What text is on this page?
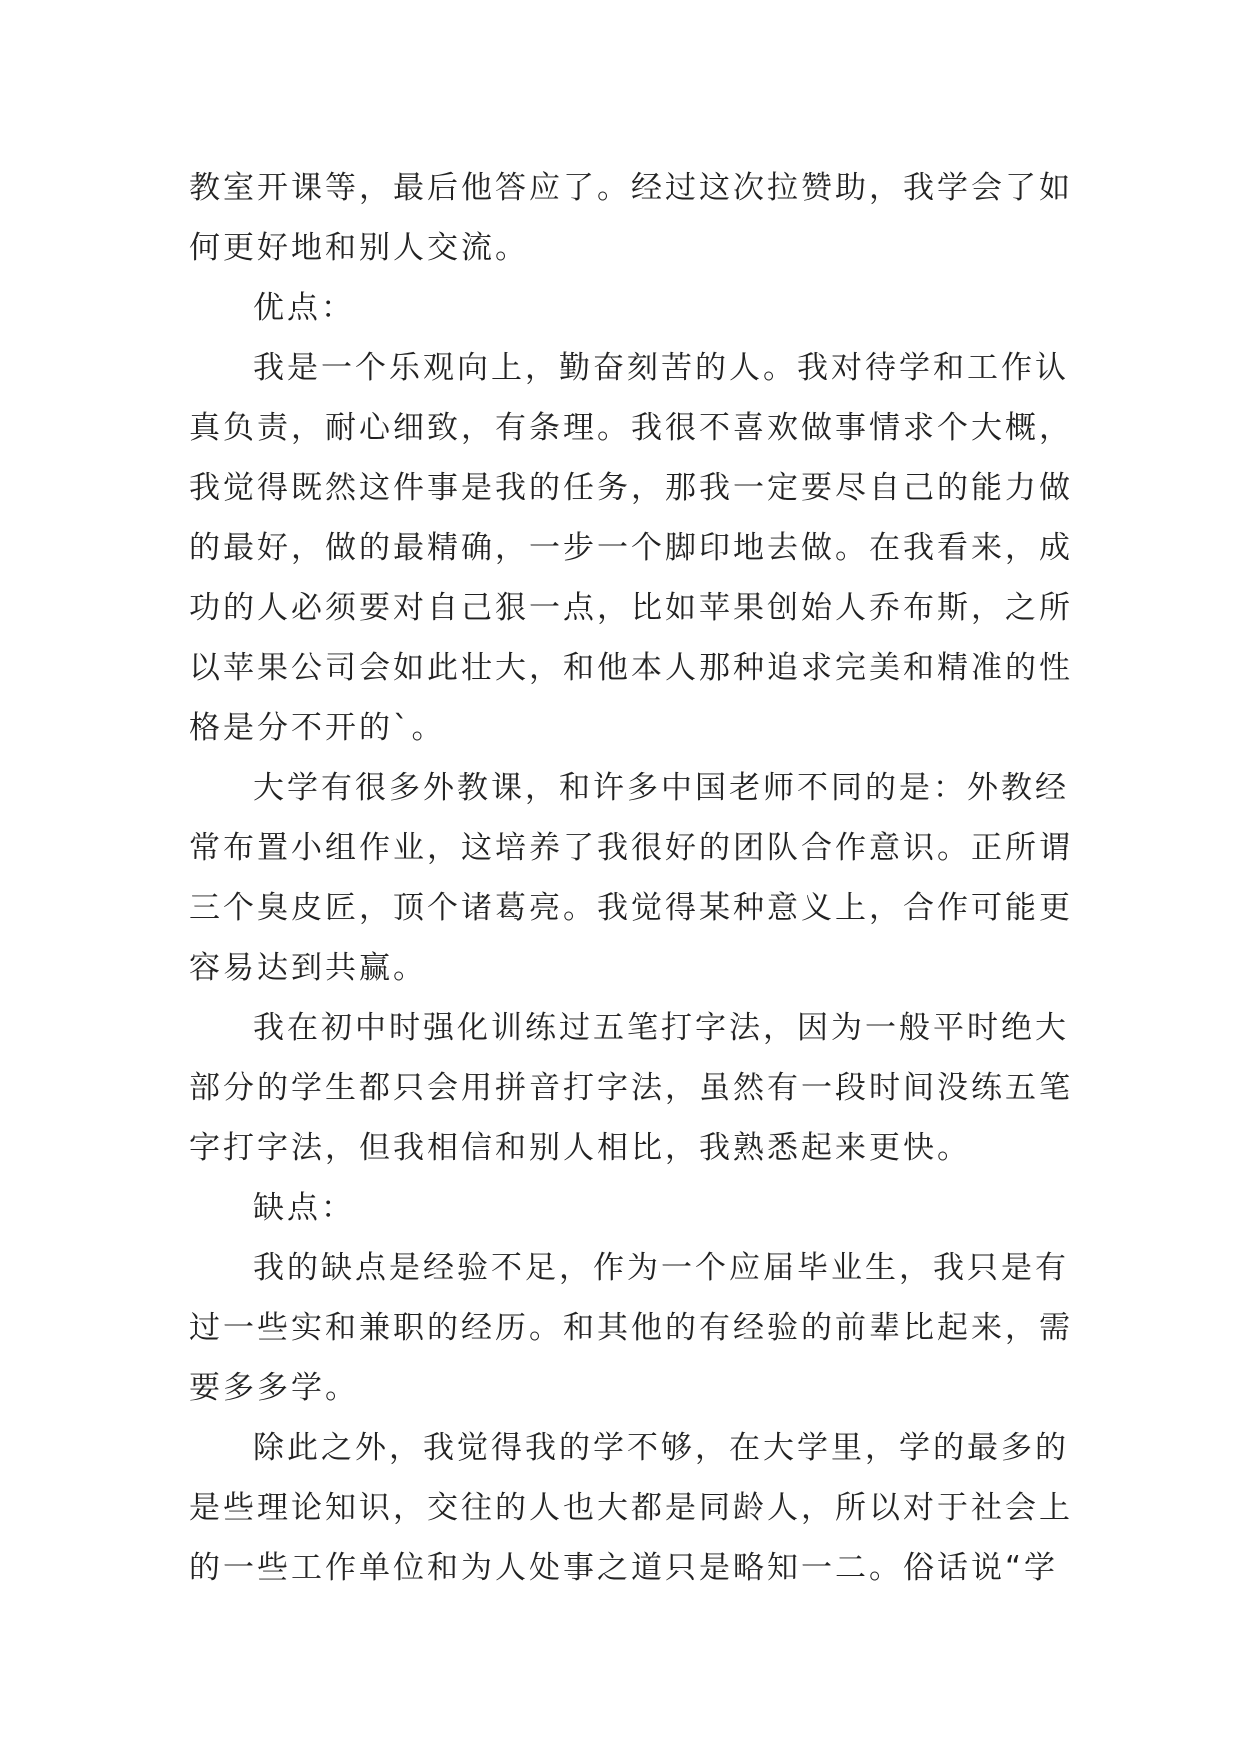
教室开课等，最后他答应了。经过这次拉赞助，我学会了如
何更好地和别人交流。
优点：
我是一个乐观向上，勤奋刻苦的人。我对待学和工作认
真负责，耐心细致，有条理。我很不喜欢做事情求个大概，
我觉得既然这件事是我的任务，那我一定要尽自己的能力做
的最好，做的最精确，一步一个脚印地去做。在我看来，成
功的人必须要对自己狠一点，比如苹果创始人乔布斯，之所
以苹果公司会如此壮大，和他本人那种追求完美和精准的性
格是分不开的`。
大学有很多外教课，和许多中国老师不同的是：外教经
常布置小组作业，这培养了我很好的团队合作意识。正所谓
三个臭皮匠，顶个诸葛亮。我觉得某种意义上，合作可能更
容易达到共赢。
我在初中时强化训练过五笔打字法，因为一般平时绝大
部分的学生都只会用拼音打字法，虽然有一段时间没练五笔
字打字法，但我相信和别人相比，我熟悉起来更快。
缺点：
我的缺点是经验不足，作为一个应届毕业生，我只是有
过一些实和兼职的经历。和其他的有经验的前辈比起来，需
要多多学。
除此之外，我觉得我的学不够，在大学里，学的最多的
是些理论知识，交往的人也大都是同龄人，所以对于社会上
的一些工作单位和为人处事之道只是略知一二。俗话说“学
